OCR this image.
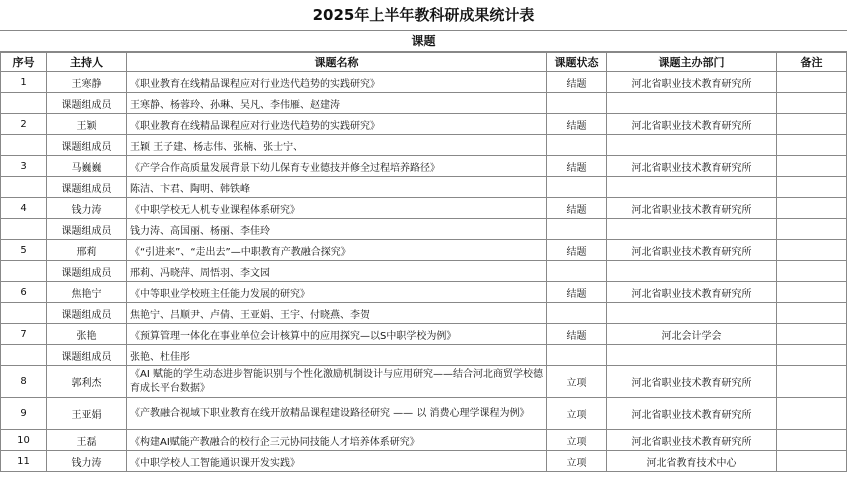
2025年上半年教科研成果统计表
课题
序号	主持人	课题名称	课题状态	课题主办部门	备注
1	王寒静	《职业教育在线精品课程应对行业迭代趋势的实践研究》	结题	河北省职业技术教育研究所	
	课题组成员	王寒静、杨蓉玲、孙琳、吴凡、李伟雁、赵建涛			
2	王颖	《职业教育在线精品课程应对行业迭代趋势的实践研究》	结题	河北省职业技术教育研究所	
	课题组成员	王颖 王子建、杨志伟、张楠、张士宁、			
3	马巍巍	《产学合作高质量发展背景下幼儿保育专业德技并修全过程培养路径》	结题	河北省职业技术教育研究所	
	课题组成员	陈洁、卞君、陶明、韩铁峰			
4	钱力涛	《中职学校无人机专业课程体系研究》	结题	河北省职业技术教育研究所	
	课题组成员	钱力涛、高国丽、杨丽、李佳玲			
5	邢莉	《“引进来”、“走出去”—中职教育产教融合探究》	结题	河北省职业技术教育研究所	
	课题组成员	邢莉、冯晓萍、周悟羽、李文园			
6	焦艳宁	《中等职业学校班主任能力发展的研究》	结题	河北省职业技术教育研究所	
	课题组成员	焦艳宁、吕顺尹、卢倩、王亚娟、王宇、付晓燕、李贺			
7	张艳	《预算管理一体化在事业单位会计核算中的应用探究—以S中职学校为例》	结题	河北会计学会	
	课题组成员	张艳、杜佳彤			
8	郭利杰	《AI 赋能的学生动态进步智能识别与个性化激励机制设计与应用研究——结合河北商贸学校德育成长平台数据》	立项	河北省职业技术教育研究所	
9	王亚娟	《产教融合视域下职业教育在线开放精品课程建设路径研究 —— 以 消费心理学课程为例》	立项	河北省职业技术教育研究所	
10	王磊	《构建AI赋能产教融合的校行企三元协同技能人才培养体系研究》	立项	河北省职业技术教育研究所	
11	钱力涛	《中职学校人工智能通识课开发实践》	立项	河北省教育技术中心	
